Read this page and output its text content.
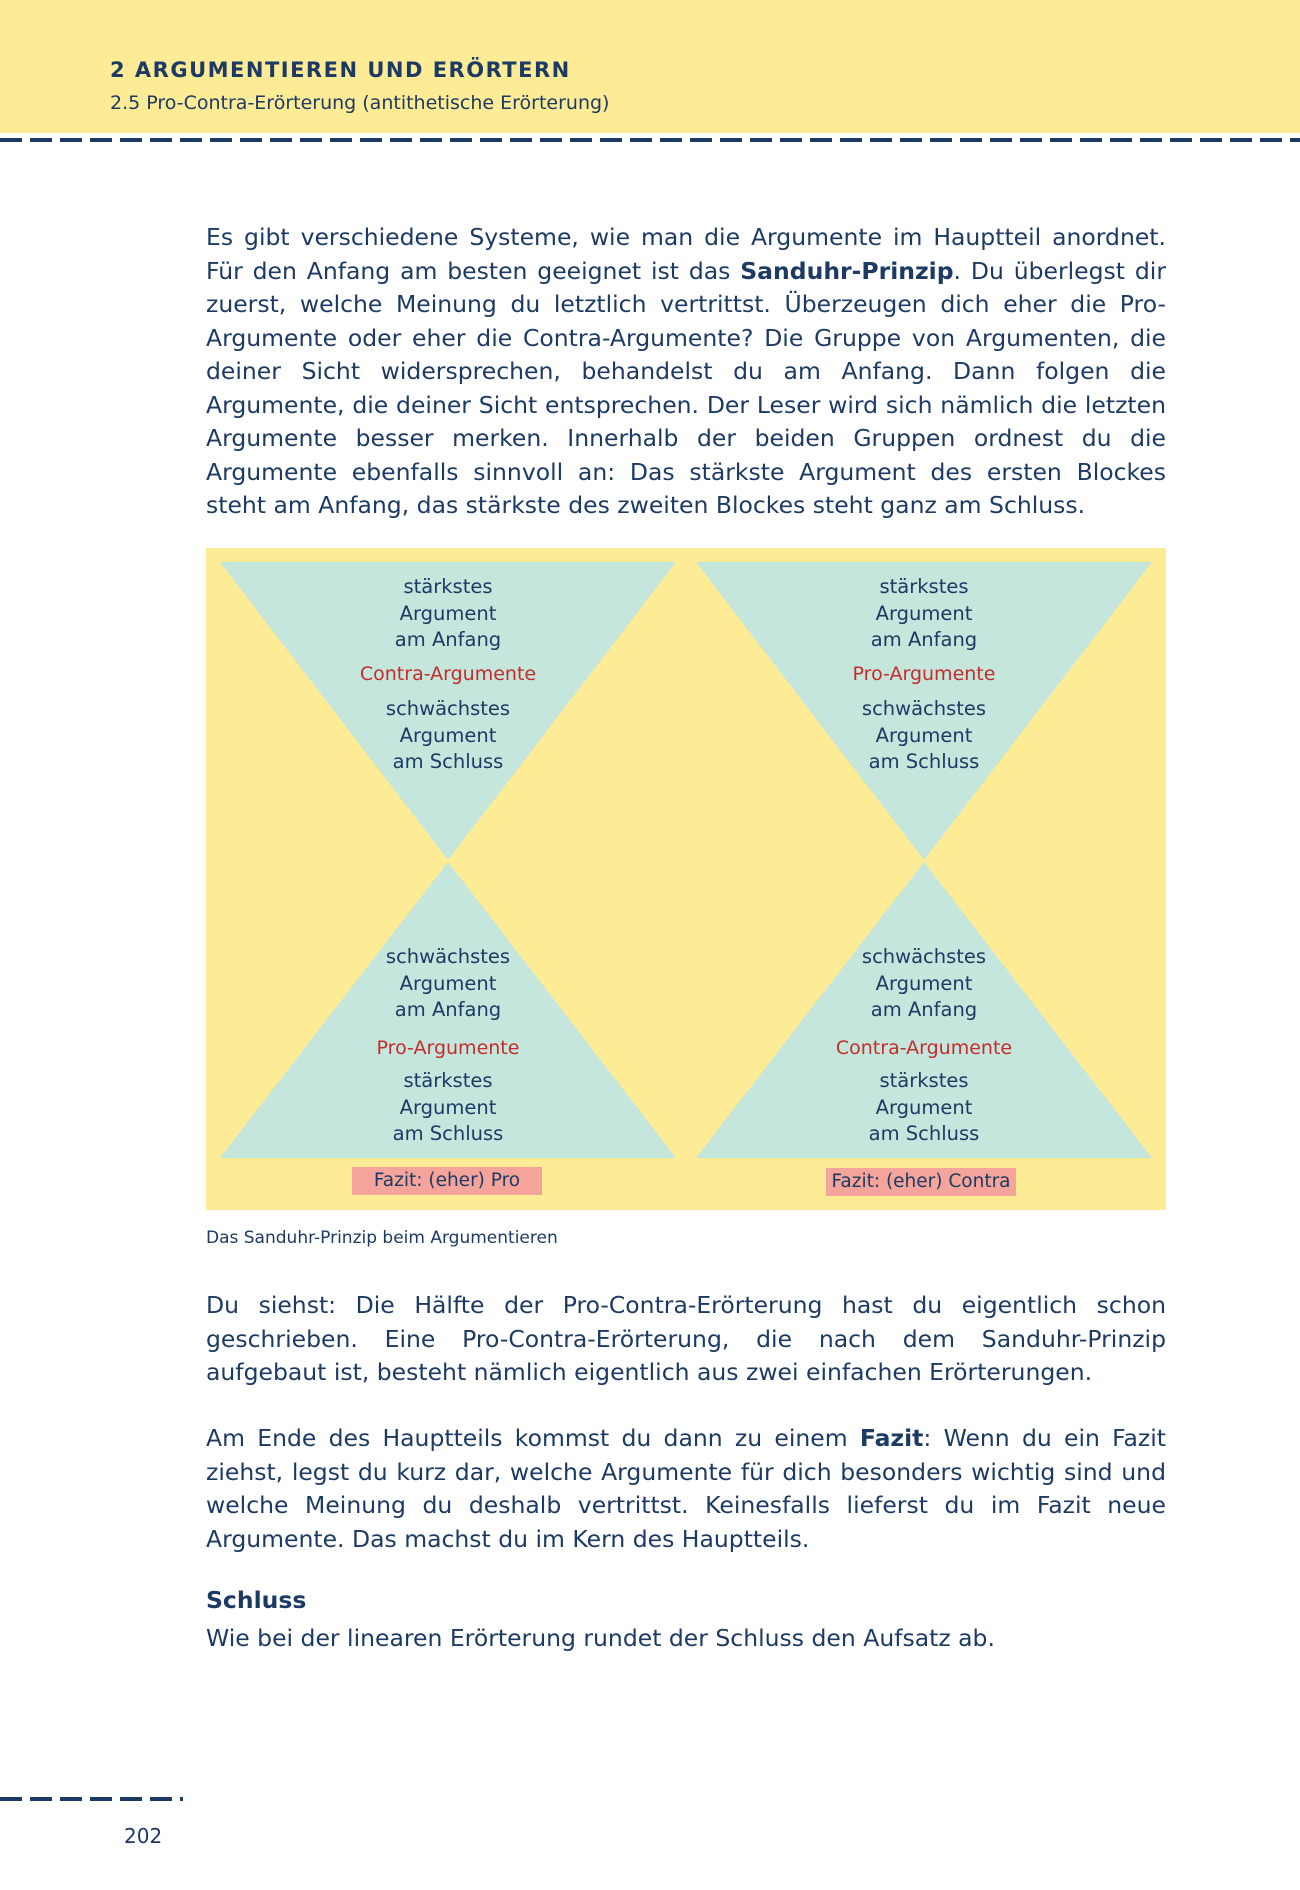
2 ARGUMENTIEREN UND ERÖRTERN
2.5 Pro-Contra-Erörterung (antithetische Erörterung)

Es gibt verschiedene Systeme, wie man die Argumente im Hauptteil anordnet. Für den Anfang am besten geeignet ist das Sanduhr-Prinzip. Du überlegst dir zuerst, welche Meinung du letztlich vertrittst. Überzeugen dich eher die Pro-Argumente oder eher die Contra-Argumente? Die Gruppe von Argumenten, die deiner Sicht widersprechen, behandelst du am Anfang. Dann folgen die Argumente, die deiner Sicht entsprechen. Der Leser wird sich nämlich die letzten Argumente besser merken. Innerhalb der beiden Gruppen ordnest du die Argumente ebenfalls sinnvoll an: Das stärkste Argument des ersten Blockes steht am Anfang, das stärkste des zweiten Blockes steht ganz am Schluss.

stärkstes
Argument
am Anfang
Contra-Argumente
schwächstes
Argument
am Schluss
schwächstes
Argument
am Anfang
Pro-Argumente
stärkstes
Argument
am Schluss
Fazit: (eher) Pro
stärkstes
Argument
am Anfang
Pro-Argumente
schwächstes
Argument
am Schluss
schwächstes
Argument
am Anfang
Contra-Argumente
stärkstes
Argument
am Schluss
Fazit: (eher) Contra
Das Sanduhr-Prinzip beim Argumentieren

Du siehst: Die Hälfte der Pro-Contra-Erörterung hast du eigentlich schon geschrieben. Eine Pro-Contra-Erörterung, die nach dem Sanduhr-Prinzip aufgebaut ist, besteht nämlich eigentlich aus zwei einfachen Erörterungen.

Am Ende des Hauptteils kommst du dann zu einem Fazit: Wenn du ein Fazit ziehst, legst du kurz dar, welche Argumente für dich besonders wichtig sind und welche Meinung du deshalb vertrittst. Keinesfalls lieferst du im Fazit neue Argumente. Das machst du im Kern des Hauptteils.

Schluss

Wie bei der linearen Erörterung rundet der Schluss den Aufsatz ab.

202
